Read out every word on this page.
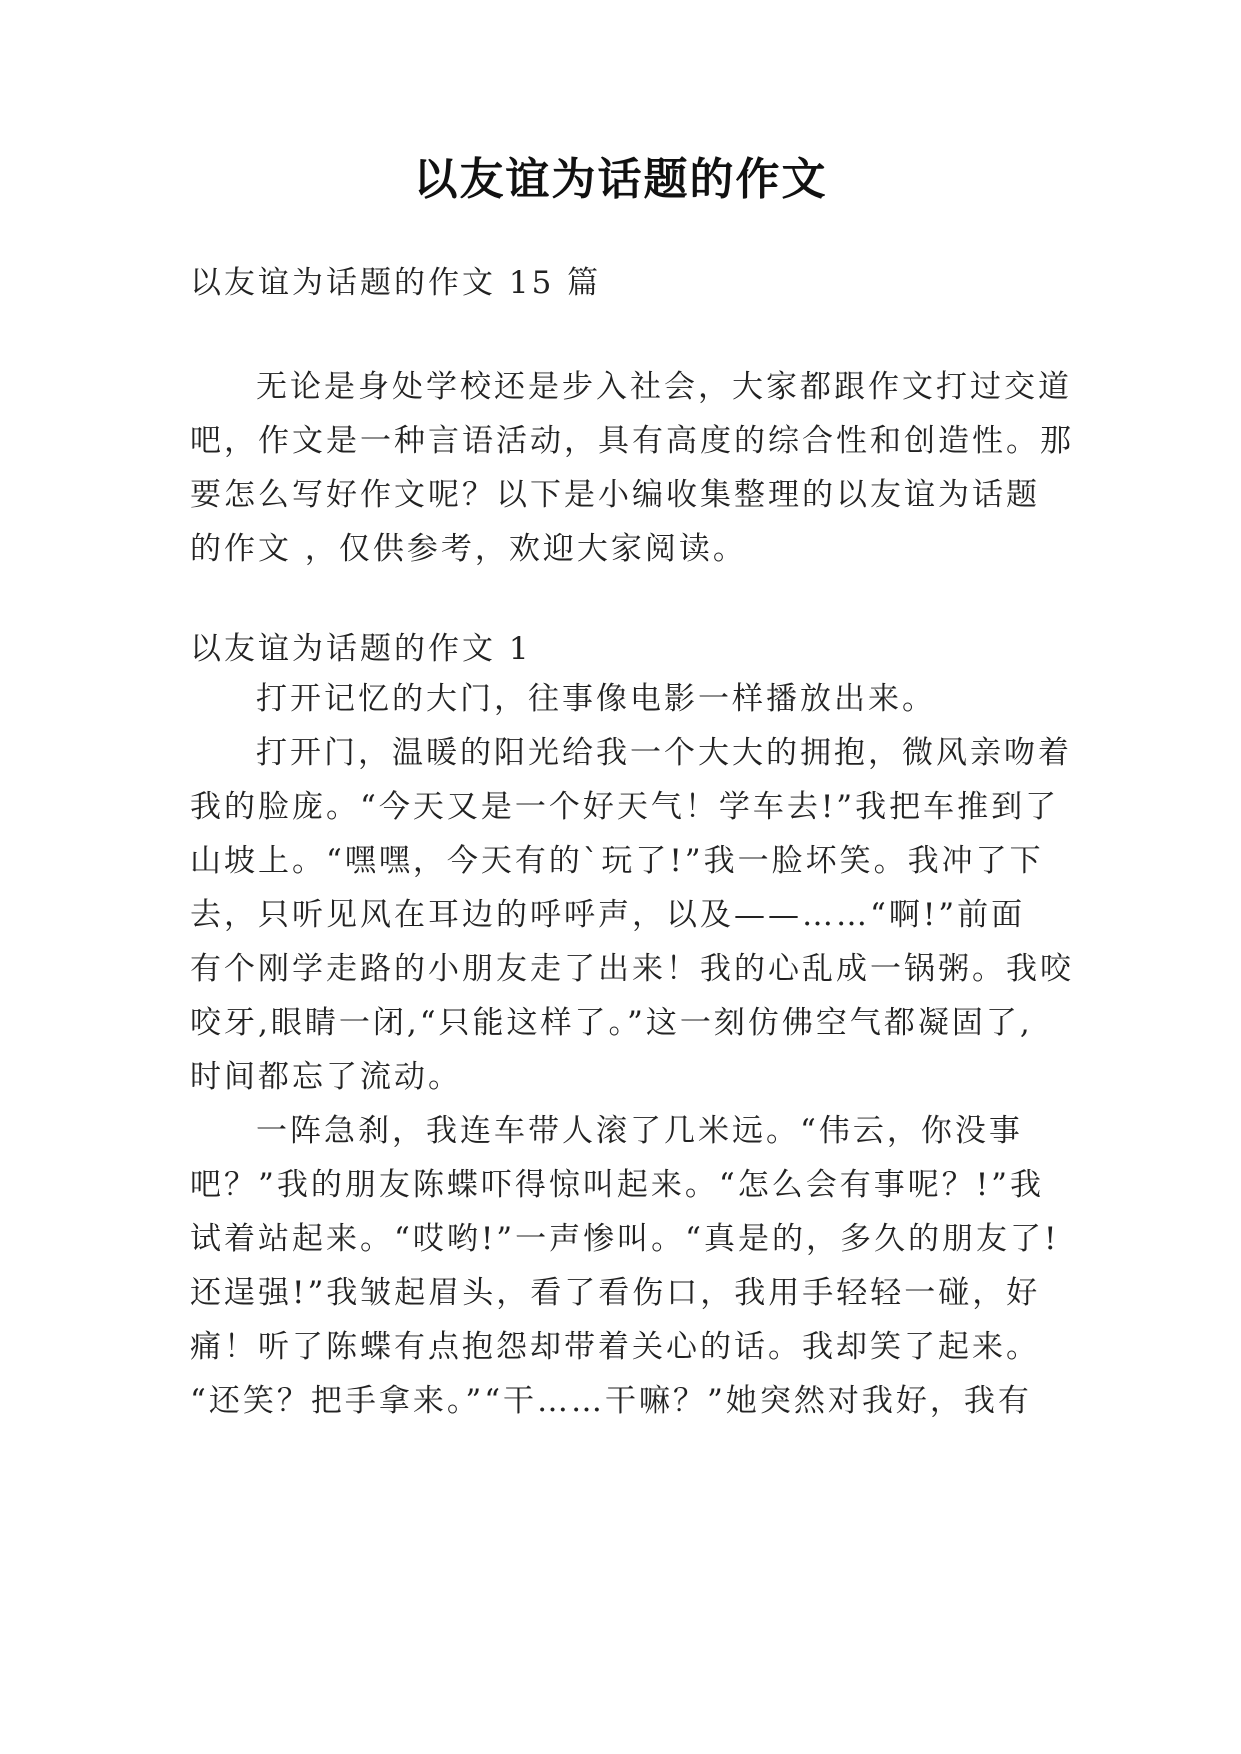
以友谊为话题的作文
以友谊为话题的作文 15 篇
无论是身处学校还是步入社会，大家都跟作文打过交道
吧，作文是一种言语活动，具有高度的综合性和创造性。那
要怎么写好作文呢？以下是小编收集整理的以友谊为话题
的作文 ，仅供参考，欢迎大家阅读。
以友谊为话题的作文 1
打开记忆的大门，往事像电影一样播放出来。
打开门，温暖的阳光给我一个大大的拥抱，微风亲吻着
我的脸庞。“今天又是一个好天气！学车去!”我把车推到了
山坡上。“嘿嘿，今天有的`玩了!”我一脸坏笑。我冲了下
去，只听见风在耳边的呼呼声，以及——……“啊!”前面
有个刚学走路的小朋友走了出来！我的心乱成一锅粥。我咬
咬牙,眼睛一闭,“只能这样了。”这一刻仿佛空气都凝固了,
时间都忘了流动。
一阵急刹，我连车带人滚了几米远。“伟云，你没事
吧？”我的朋友陈蝶吓得惊叫起来。“怎么会有事呢？!”我
试着站起来。“哎哟!”一声惨叫。“真是的，多久的朋友了!
还逞强!”我皱起眉头，看了看伤口，我用手轻轻一碰，好
痛！听了陈蝶有点抱怨却带着关心的话。我却笑了起来。
“还笑？把手拿来。”“干……干嘛？”她突然对我好，我有
